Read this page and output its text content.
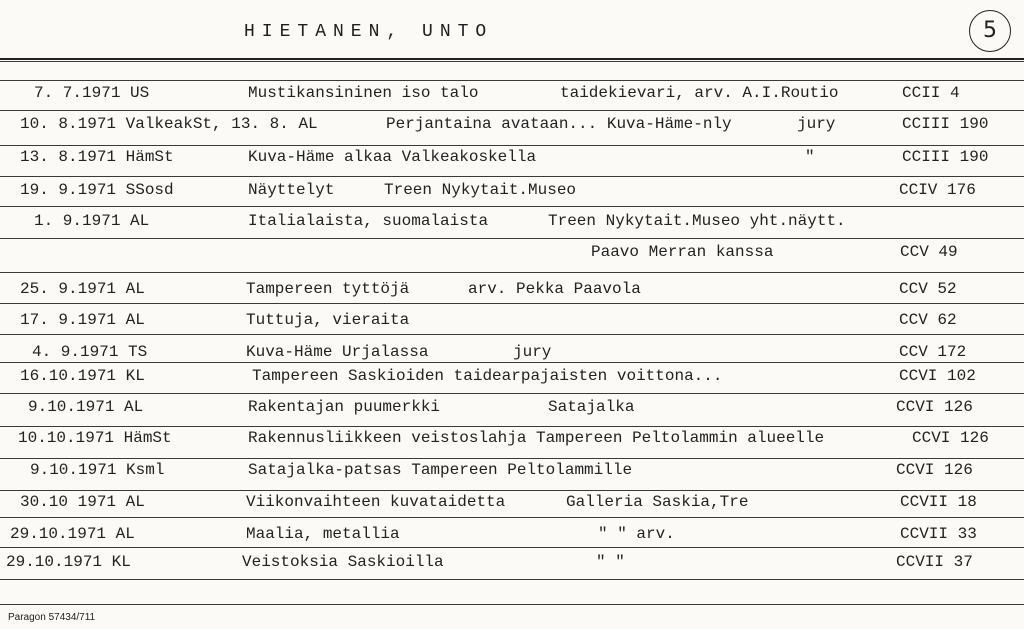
HIETANEN, UNTO	5
7. 7.1971 US	Mustikansininen iso talo	taidekievari, arv. A.I.Routio	CCII 4
10. 8.1971 ValkeakSt, 13. 8. AL	Perjantaina avataan... Kuva-Häme-nly	jury	CCIII 190
13. 8.1971 HämSt	Kuva-Häme alkaa Valkeakoskella	"	CCIII 190
19. 9.1971 SSosd	Näyttelyt	Treen Nykytait.Museo	CCIV 176
1. 9.1971 AL	Italialaista, suomalaista	Treen Nykytait.Museo yht.näytt.
Paavo Merran kanssa	CCV 49
25. 9.1971 AL	Tampereen tyttöjä	arv. Pekka Paavola	CCV 52
17. 9.1971 AL	Tuttuja, vieraita	CCV 62
4. 9.1971 TS	Kuva-Häme Urjalassa	jury	CCV 172
16.10.1971 KL	Tampereen Saskioiden taidearpajaisten voittona...	CCVI 102
9.10.1971 AL	Rakentajan puumerkki	Satajalka	CCVI 126
10.10.1971 HämSt	Rakennusliikkeen veistoslahja Tampereen Peltolammin alueelle	CCVI 126
9.10.1971 Ksml	Satajalka-patsas Tampereen Peltolammille	CCVI 126
30.10 1971 AL	Viikonvaihteen kuvataidetta	Galleria Saskia,Tre	CCVII 18
29.10.1971 AL	Maalia, metallia	" " arv.	CCVII 33
29.10.1971 KL	Veistoksia Saskioilla	" "	CCVII 37
Paragon 57434/711
